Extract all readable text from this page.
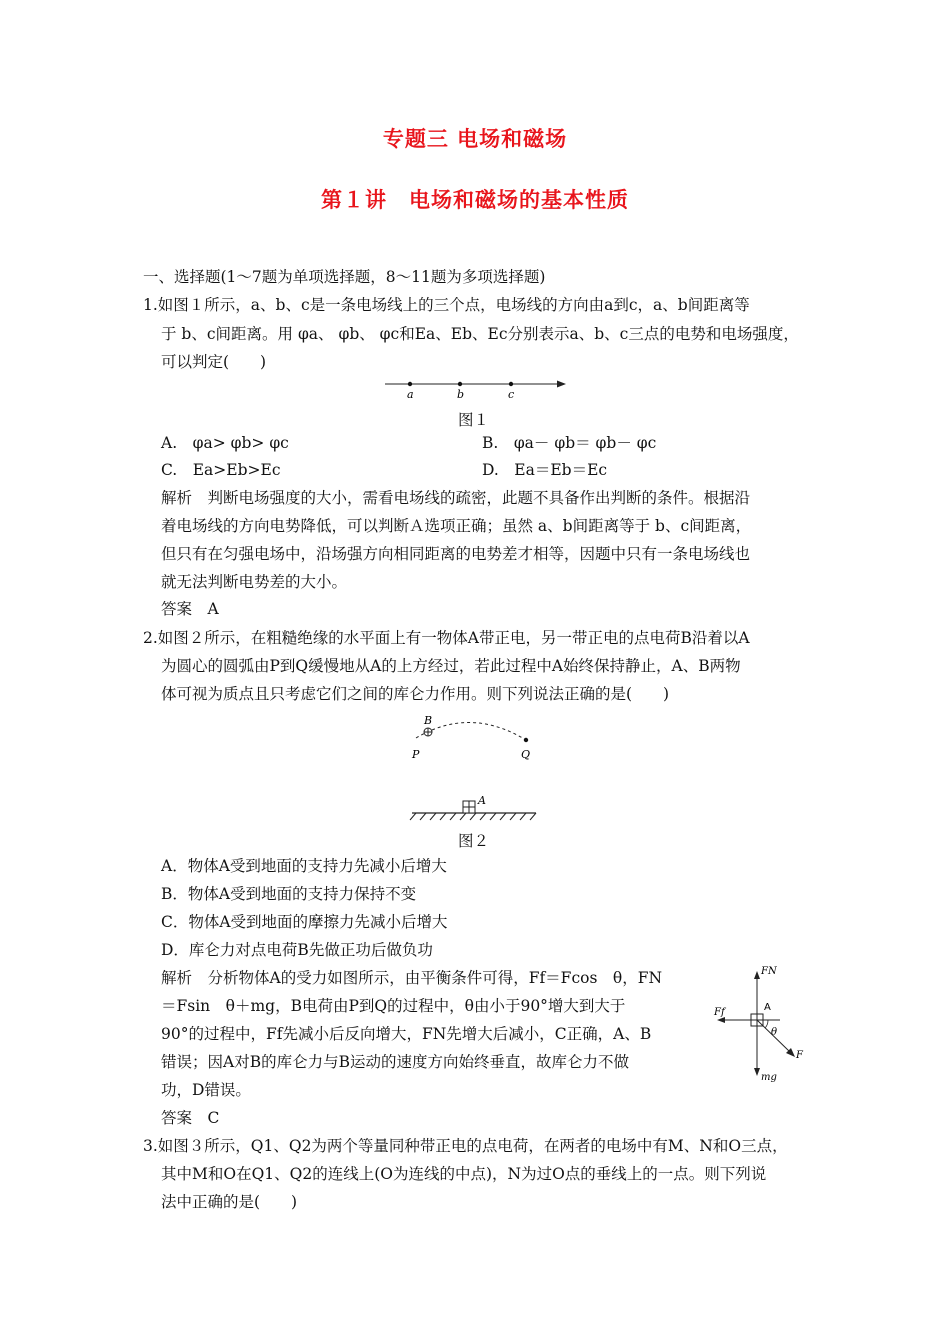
专题三 电场和磁场
第１讲　电场和磁场的基本性质
一、选择题(1～7题为单项选择题，8～11题为多项选择题)
1.如图１所示，a、b、c是一条电场线上的三个点，电场线的方向由a到c，a、b间距离等
于 b、c间距离。用 φa、 φb、 φc和Ea、Eb、Ec分别表示a、b、c三点的电势和电场强度，
可以判定(　　)
a	b	c
图１
A.　φa> φb> φc	B.　φa－ φb＝ φb－ φc
C.　Ea>Eb>Ec	D.　Ea＝Eb＝Ec
解析　判断电场强度的大小，需看电场线的疏密，此题不具备作出判断的条件。根据沿
着电场线的方向电势降低，可以判断Ａ选项正确；虽然 a、b间距离等于 b、c间距离，
但只有在匀强电场中，沿场强方向相同距离的电势差才相等，因题中只有一条电场线也
就无法判断电势差的大小。
答案　A
2.如图２所示，在粗糙绝缘的水平面上有一物体A带正电，另一带正电的点电荷B沿着以A
为圆心的圆弧由P到Q缓慢地从A的上方经过，若此过程中A始终保持静止，A、B两物
体可视为质点且只考虑它们之间的库仑力作用。则下列说法正确的是(　　)
B
P	Q
A
图２
A．物体A受到地面的支持力先减小后增大
B．物体A受到地面的支持力保持不变
C．物体A受到地面的摩擦力先减小后增大
D．库仑力对点电荷B先做正功后做负功
解析　分析物体A的受力如图所示，由平衡条件可得，Ff＝Fcos　θ，FN
＝Fsin　θ＋mg，B电荷由P到Q的过程中，θ由小于90°增大到大于
90°的过程中，Ff先减小后反向增大，FN先增大后减小，C正确，A、B
错误；因A对B的库仑力与B运动的速度方向始终垂直，故库仑力不做
功，D错误。
FN
A
Ff
θ
F
mg
答案　C
3.如图３所示，Q1、Q2为两个等量同种带正电的点电荷，在两者的电场中有M、N和O三点，
其中M和O在Q1、Q2的连线上(O为连线的中点)，N为过O点的垂线上的一点。则下列说
法中正确的是(　　)
